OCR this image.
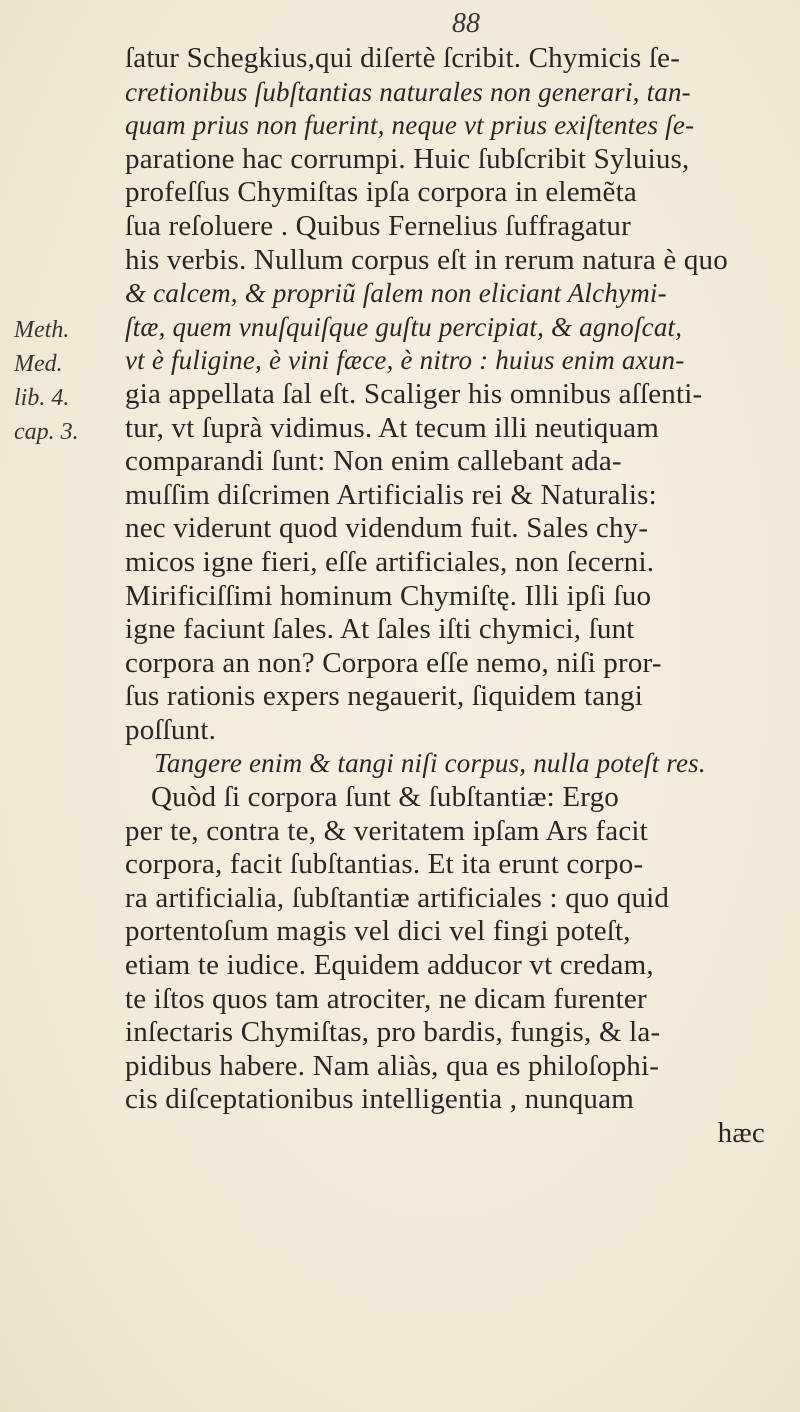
88
Meth.
Med.
lib. 4.
cap. 3.
ſatur Schegkius,qui diſertè ſcribit. Chymicis ſe-
cretionibus ſubſtantias naturales non generari, tan-
quam prius non fuerint, neque vt prius exiſtentes ſe-
paratione hac corrumpi. Huic ſubſcribit Syluius,
profeſſus Chymiſtas ipſa corpora in elemẽta
ſua reſoluere . Quibus Fernelius ſuffragatur
his verbis. Nullum corpus eſt in rerum natura è quo
& calcem, & propriũ ſalem non eliciant Alchymi-
ſtæ, quem vnuſquiſque guſtu percipiat, & agnoſcat,
vt è fuligine, è vini fæce, è nitro : huius enim axun-
gia appellata ſal eſt. Scaliger his omnibus aſſenti-
tur, vt ſuprà vidimus. At tecum illi neutiquam
comparandi ſunt: Non enim callebant ada-
muſſim diſcrimen Artificialis rei & Naturalis:
nec viderunt quod videndum fuit. Sales chy-
micos igne fieri, eſſe artificiales, non ſecerni.
Mirificiſſimi hominum Chymiſtę. Illi ipſi ſuo
igne faciunt ſales. At ſales iſti chymici, ſunt
corpora an non? Corpora eſſe nemo, niſi pror-
ſus rationis expers negauerit, ſiquidem tangi
poſſunt.
Tangere enim & tangi niſi corpus, nulla poteſt res.
Quòd ſi corpora ſunt & ſubſtantiæ: Ergo
per te, contra te, & veritatem ipſam Ars facit
corpora, facit ſubſtantias. Et ita erunt corpo-
ra artificialia, ſubſtantiæ artificiales : quo quid
portentoſum magis vel dici vel fingi poteſt,
etiam te iudice. Equidem adducor vt credam,
te iſtos quos tam atrociter, ne dicam furenter
inſectaris Chymiſtas, pro bardis, fungis, & la-
pidibus habere. Nam aliàs, qua es philoſophi-
cis diſceptationibus intelligentia , nunquam
hæc
